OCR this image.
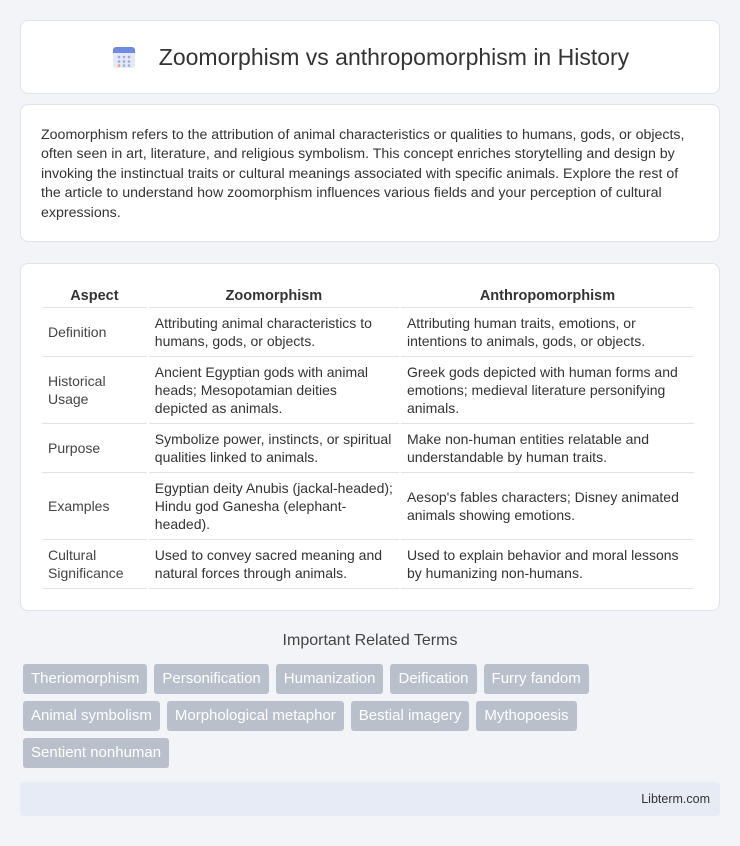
Zoomorphism vs anthropomorphism in History

Zoomorphism refers to the attribution of animal characteristics or qualities to humans, gods, or objects, often seen in art, literature, and religious symbolism. This concept enriches storytelling and design by invoking the instinctual traits or cultural meanings associated with specific animals. Explore the rest of the article to understand how zoomorphism influences various fields and your perception of cultural expressions.

Aspect	Zoomorphism	Anthropomorphism
Definition	Attributing animal characteristics to humans, gods, or objects.	Attributing human traits, emotions, or intentions to animals, gods, or objects.
Historical Usage	Ancient Egyptian gods with animal heads; Mesopotamian deities depicted as animals.	Greek gods depicted with human forms and emotions; medieval literature personifying animals.
Purpose	Symbolize power, instincts, or spiritual qualities linked to animals.	Make non-human entities relatable and understandable by human traits.
Examples	Egyptian deity Anubis (jackal-headed); Hindu god Ganesha (elephant-headed).	Aesop's fables characters; Disney animated animals showing emotions.
Cultural Significance	Used to convey sacred meaning and natural forces through animals.	Used to explain behavior and moral lessons by humanizing non-humans.
Important Related Terms
Theriomorphism	Personification	Humanization	Deification	Furry fandom
Animal symbolism	Morphological metaphor	Bestial imagery	Mythopoesis
Sentient nonhuman
Libterm.com
